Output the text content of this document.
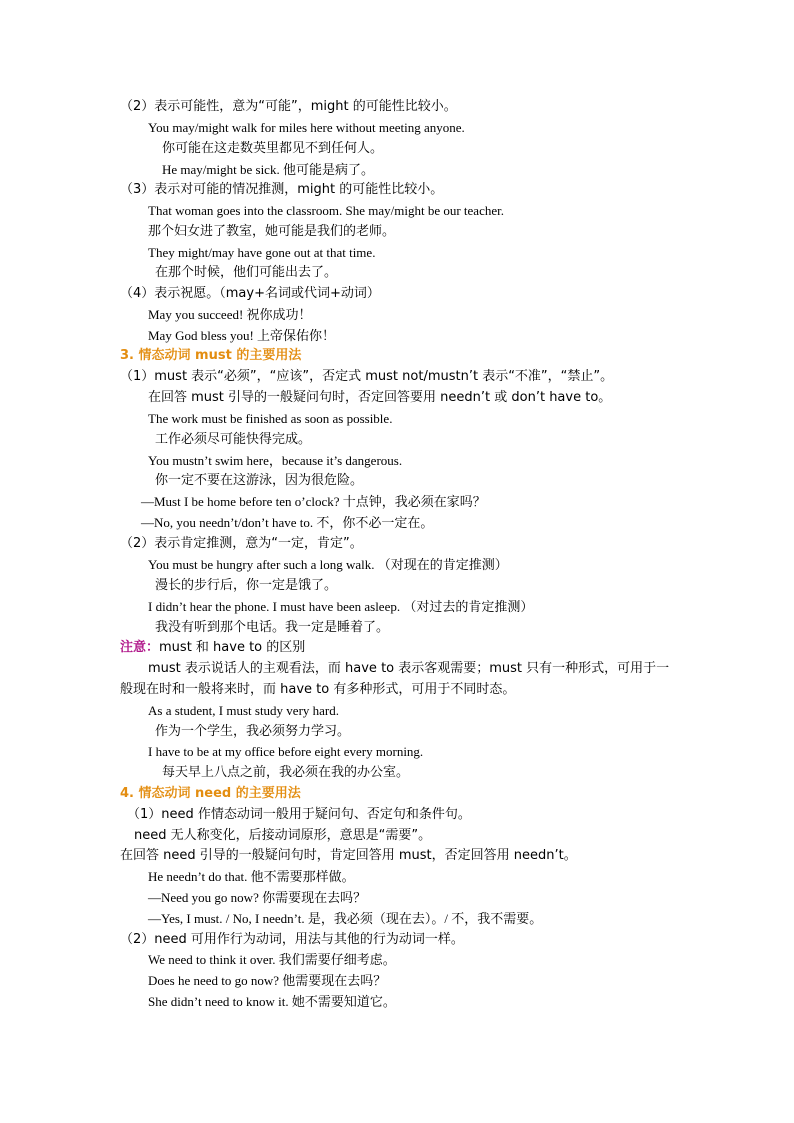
（2）表示可能性，意为“可能”，might 的可能性比较小。
You may/might walk for miles here without meeting anyone.
你可能在这走数英里都见不到任何人。
He may/might be sick. 他可能是病了。
（3）表示对可能的情况推测，might 的可能性比较小。
That woman goes into the classroom. She may/might be our teacher.
那个妇女进了教室，她可能是我们的老师。
They might/may have gone out at that time.
在那个时候，他们可能出去了。
（4）表示祝愿。（may+名词或代词+动词）
May you succeed! 祝你成功！
May God bless you! 上帝保佑你！
3. 情态动词 must 的主要用法
（1）must 表示“必须”，“应该”，否定式 must not/mustn’t 表示“不准”，“禁止”。
在回答 must 引导的一般疑问句时，否定回答要用 needn’t 或 don’t have to。
The work must be finished as soon as possible.
工作必须尽可能快得完成。
You mustn’t swim here，because it’s dangerous.
你一定不要在这游泳，因为很危险。
—Must I be home before ten o’clock? 十点钟，我必须在家吗？
—No, you needn’t/don’t have to. 不，你不必一定在。
（2）表示肯定推测，意为“一定，肯定”。
You must be hungry after such a long walk. （对现在的肯定推测）
漫长的步行后，你一定是饿了。
I didn’t hear the phone. I must have been asleep. （对过去的肯定推测）
我没有听到那个电话。我一定是睡着了。
注意：must 和 have to 的区别
must 表示说话人的主观看法，而 have to 表示客观需要；must 只有一种形式，可用于一
般现在时和一般将来时，而 have to 有多种形式，可用于不同时态。
As a student, I must study very hard.
作为一个学生，我必须努力学习。
I have to be at my office before eight every morning.
每天早上八点之前，我必须在我的办公室。
4. 情态动词 need 的主要用法
（1）need 作情态动词一般用于疑问句、否定句和条件句。
need 无人称变化，后接动词原形，意思是“需要”。
在回答 need 引导的一般疑问句时，肯定回答用 must，否定回答用 needn’t。
He needn’t do that. 他不需要那样做。
—Need you go now? 你需要现在去吗？
—Yes, I must. / No, I needn’t. 是，我必须（现在去）。/ 不，我不需要。
（2）need 可用作行为动词，用法与其他的行为动词一样。
We need to think it over. 我们需要仔细考虑。
Does he need to go now? 他需要现在去吗？
She didn’t need to know it. 她不需要知道它。
